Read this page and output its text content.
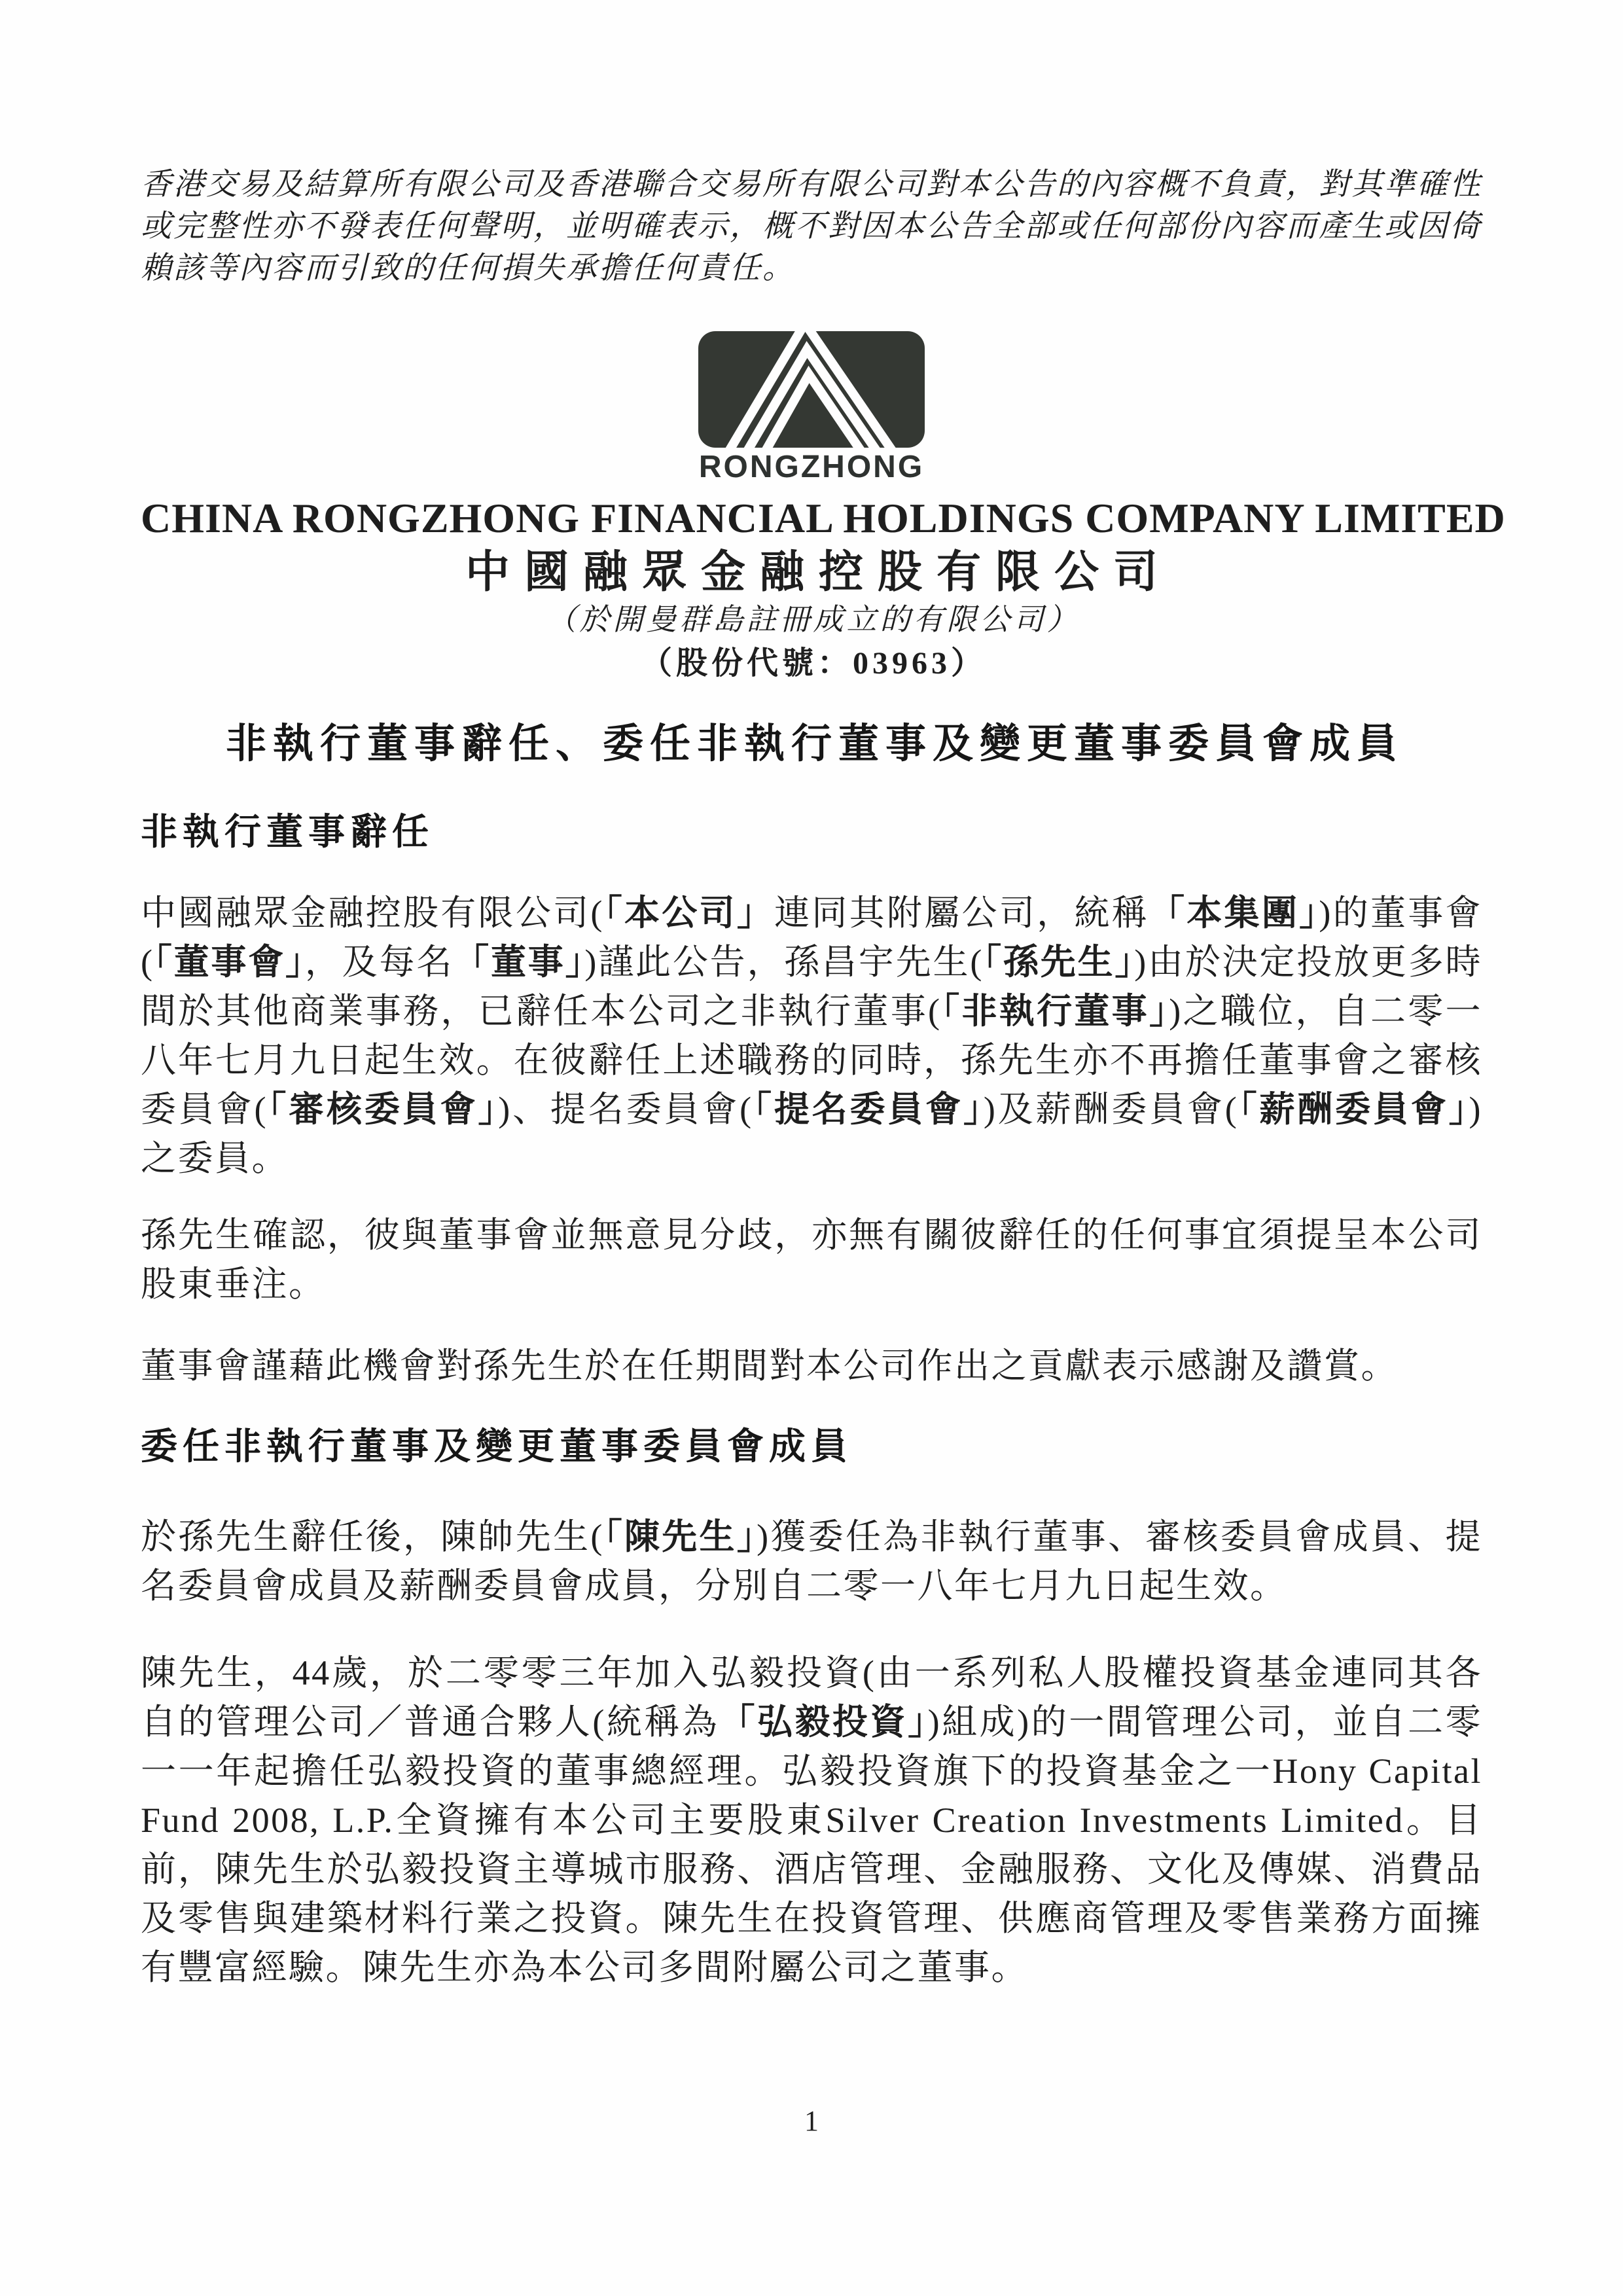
香港交易及結算所有限公司及香港聯合交易所有限公司對本公告的內容概不負責，對其準確性或完整性亦不發表任何聲明，並明確表示，概不對因本公告全部或任何部份內容而產生或因倚賴該等內容而引致的任何損失承擔任何責任。

RONGZHONG
CHINA RONGZHONG FINANCIAL HOLDINGS COMPANY LIMITED
中國融眾金融控股有限公司
（於開曼群島註冊成立的有限公司）
（股份代號：03963）
非執行董事辭任、委任非執行董事及變更董事委員會成員
非執行董事辭任

中國融眾金融控股有限公司(「本公司」連同其附屬公司，統稱「本集團」)的董事會(「董事會」，及每名「董事」)謹此公告，孫昌宇先生(「孫先生」)由於決定投放更多時間於其他商業事務，已辭任本公司之非執行董事(「非執行董事」)之職位，自二零一八年七月九日起生效。在彼辭任上述職務的同時，孫先生亦不再擔任董事會之審核委員會(「審核委員會」)、提名委員會(「提名委員會」)及薪酬委員會(「薪酬委員會」)之委員。

孫先生確認，彼與董事會並無意見分歧，亦無有關彼辭任的任何事宜須提呈本公司股東垂注。

董事會謹藉此機會對孫先生於在任期間對本公司作出之貢獻表示感謝及讚賞。

委任非執行董事及變更董事委員會成員

於孫先生辭任後，陳帥先生(「陳先生」)獲委任為非執行董事、審核委員會成員、提名委員會成員及薪酬委員會成員，分別自二零一八年七月九日起生效。

陳先生，44歲，於二零零三年加入弘毅投資(由一系列私人股權投資基金連同其各自的管理公司／普通合夥人(統稱為「弘毅投資」)組成)的一間管理公司，並自二零一一年起擔任弘毅投資的董事總經理。弘毅投資旗下的投資基金之一Hony Capital Fund 2008, L.P.全資擁有本公司主要股東Silver Creation Investments Limited。目前，陳先生於弘毅投資主導城市服務、酒店管理、金融服務、文化及傳媒、消費品及零售與建築材料行業之投資。陳先生在投資管理、供應商管理及零售業務方面擁有豐富經驗。陳先生亦為本公司多間附屬公司之董事。

1
